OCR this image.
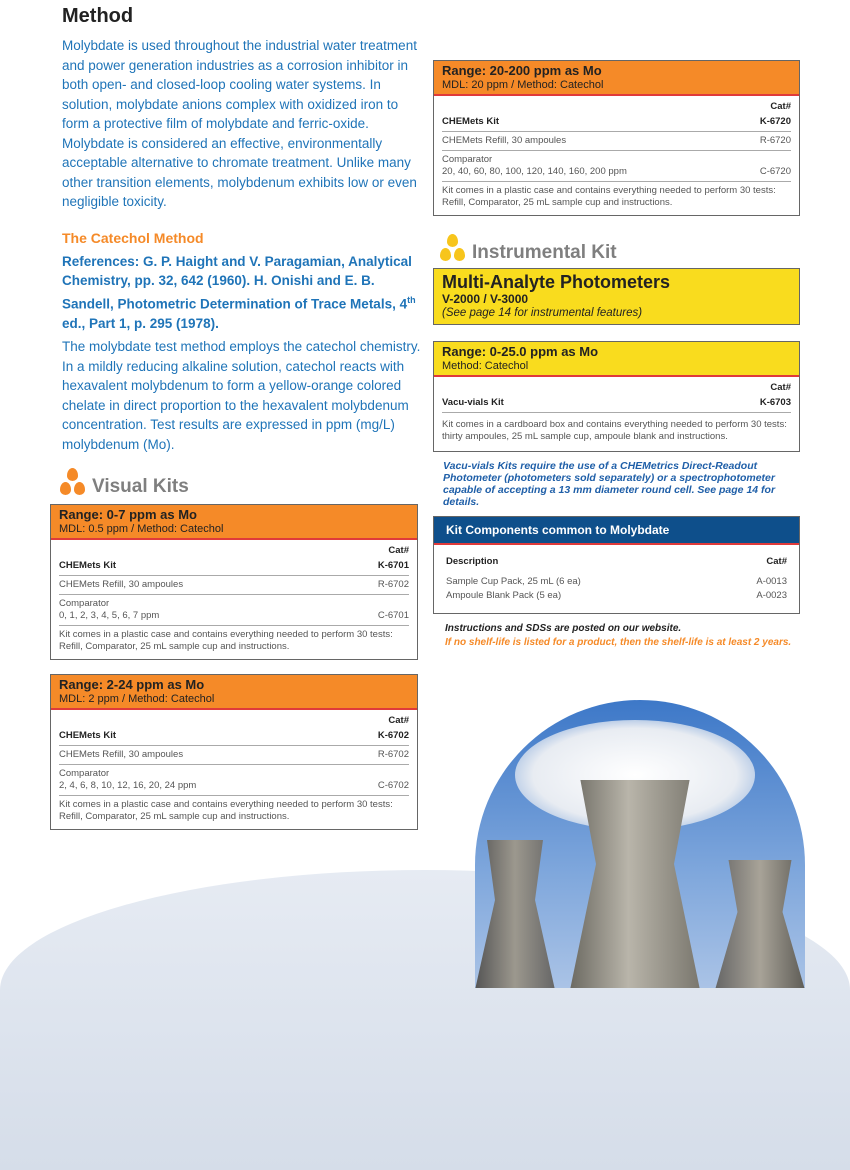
Method

Molybdate is used throughout the industrial water treatment and power generation industries as a corrosion inhibitor in both open- and closed-loop cooling water systems. In solution, molybdate anions complex with oxidized iron to form a protective film of molybdate and ferric-oxide. Molybdate is considered an effective, environmentally acceptable alternative to chromate treatment. Unlike many other transition elements, molybdenum exhibits low or even negligible toxicity.

The Catechol Method

References: G. P. Haight and V. Paragamian, Analytical Chemistry, pp. 32, 642 (1960). H. Onishi and E. B. Sandell, Photometric Determination of Trace Metals, 4th ed., Part 1, p. 295 (1978).

The molybdate test method employs the catechol chemistry. In a mildly reducing alkaline solution, catechol reacts with hexavalent molybdenum to form a yellow-orange colored chelate in direct proportion to the hexavalent molybdenum concentration. Test results are expressed in ppm (mg/L) molybdenum (Mo).

Visual Kits
Range: 0-7 ppm as Mo
MDL: 0.5 ppm / Method: Catechol
Cat#
CHEMets Kit	K-6701
CHEMets Refill, 30 ampoules	R-6702
Comparator
0, 1, 2, 3, 4, 5, 6, 7 ppm	C-6701
Kit comes in a plastic case and contains everything needed to perform 30 tests: Refill, Comparator, 25 mL sample cup and instructions.
Range: 2-24 ppm as Mo
MDL: 2 ppm / Method: Catechol
Cat#
CHEMets Kit	K-6702
CHEMets Refill, 30 ampoules	R-6702
Comparator
2, 4, 6, 8, 10, 12, 16, 20, 24 ppm	C-6702
Kit comes in a plastic case and contains everything needed to perform 30 tests: Refill, Comparator, 25 mL sample cup and instructions.
Range: 20-200 ppm as Mo
MDL: 20 ppm / Method: Catechol
Cat#
CHEMets Kit	K-6720
CHEMets Refill, 30 ampoules	R-6720
Comparator
20, 40, 60, 80, 100, 120, 140, 160, 200 ppm	C-6720
Kit comes in a plastic case and contains everything needed to perform 30 tests: Refill, Comparator, 25 mL sample cup and instructions.
Instrumental Kit
Multi-Analyte Photometers
V-2000 / V-3000
(See page 14 for instrumental features)
Range: 0-25.0 ppm as Mo
Method: Catechol
Cat#
Vacu-vials Kit	K-6703
Kit comes in a cardboard box and contains everything needed to perform 30 tests: thirty ampoules, 25 mL sample cup, ampoule blank and instructions.

Vacu-vials Kits require the use of a CHEMetrics Direct-Readout Photometer (photometers sold separately) or a spectrophotometer capable of accepting a 13 mm diameter round cell. See page 14 for details.

Kit Components common to Molybdate
Description	Cat#
Sample Cup Pack, 25 mL (6 ea)	A-0013
Ampoule Blank Pack (5 ea)	A-0023
Instructions and SDSs are posted on our website.
If no shelf-life is listed for a product, then the shelf-life is at least 2 years.
